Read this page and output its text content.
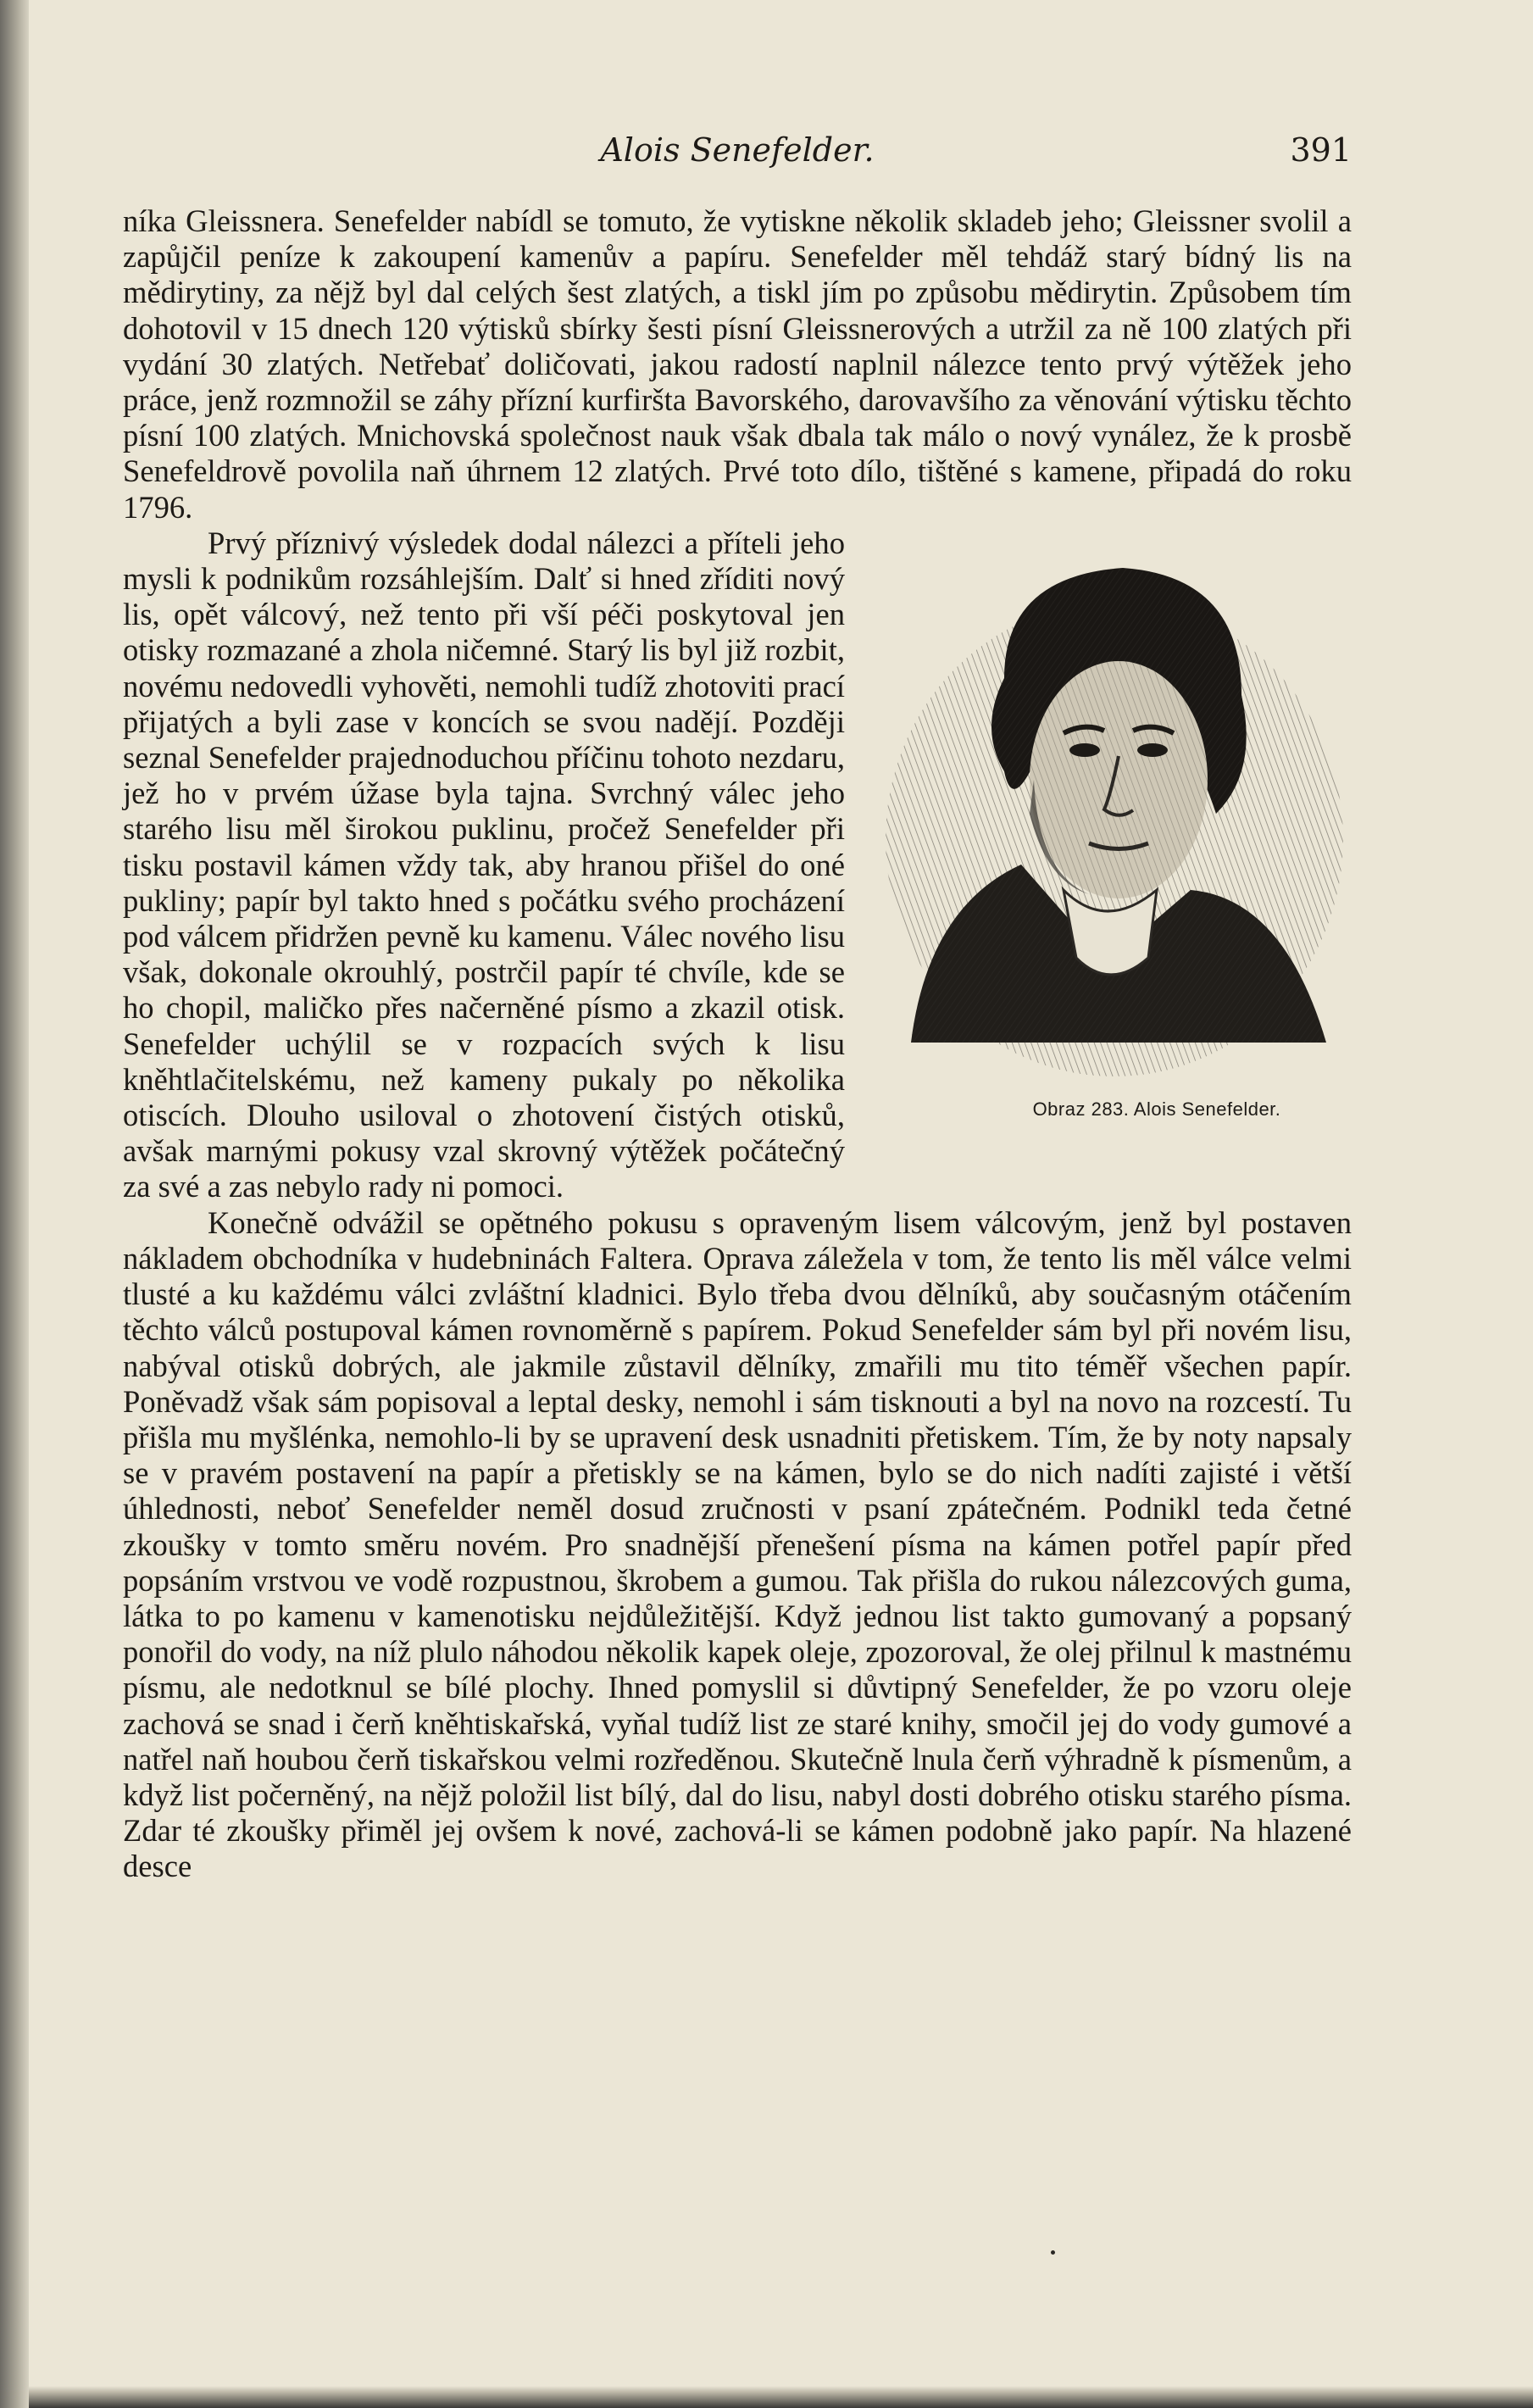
Alois Senefelder.	391

níka Gleissnera. Senefelder nabídl se tomuto, že vytiskne několik skladeb jeho; Gleissner svolil a zapůjčil peníze k zakoupení kamenův a papíru. Senefelder měl tehdáž starý bídný lis na mědirytiny, za nějž byl dal celých šest zlatých, a tiskl jím po způsobu mědirytin. Způsobem tím dohotovil v 15 dnech 120 výtisků sbírky šesti písní Gleissnerových a utržil za ně 100 zlatých při vydání 30 zlatých. Netřebať doličovati, jakou radostí naplnil nálezce tento prvý výtěžek jeho práce, jenž rozmnožil se záhy přízní kurfiršta Bavorského, darovavšího za věnování výtisku těchto písní 100 zlatých. Mnichovská společnost nauk však dbala tak málo o nový vynález, že k prosbě Senefeldrově povolila naň úhrnem 12 zlatých. Prvé toto dílo, tištěné s kamene, připadá do roku 1796.

Obraz 283. Alois Senefelder.
Prvý příznivý výsledek dodal nálezci a příteli jeho mysli k podnikům rozsáhlejším. Dalť si hned zříditi nový lis, opět válcový, než tento při vší péči poskytoval jen otisky rozmazané a zhola ničemné. Starý lis byl již rozbit, novému nedovedli vyhověti, nemohli tudíž zhotoviti prací přijatých a byli zase v koncích se svou nadějí. Později seznal Senefelder prajednoduchou příčinu tohoto nezdaru, jež ho v prvém úžase byla tajna. Svrchný válec jeho starého lisu měl širokou puklinu, pročež Senefelder při tisku postavil kámen vždy tak, aby hranou přišel do oné pukliny; papír byl takto hned s počátku svého procházení pod válcem přidržen pevně ku kamenu. Válec nového lisu však, dokonale okrouhlý, postrčil papír té chvíle, kde se ho chopil, maličko přes načerněné písmo a zkazil otisk. Senefelder uchýlil se v rozpacích svých k lisu kněhtlačitelskému, než kameny pukaly po několika otiscích. Dlouho usiloval o zhotovení čistých otisků, avšak marnými pokusy vzal skrovný výtěžek počátečný za své a zas nebylo rady ni pomoci.

Konečně odvážil se opětného pokusu s opraveným lisem válcovým, jenž byl postaven nákladem obchodníka v hudebninách Faltera. Oprava záležela v tom, že tento lis měl válce velmi tlusté a ku každému válci zvláštní kladnici. Bylo třeba dvou dělníků, aby současným otáčením těchto válců postupoval kámen rovnoměrně s papírem. Pokud Senefelder sám byl při novém lisu, nabýval otisků dobrých, ale jakmile zůstavil dělníky, zmařili mu tito téměř všechen papír. Poněvadž však sám popisoval a leptal desky, nemohl i sám tisknouti a byl na novo na rozcestí. Tu přišla mu myšlénka, nemohlo-li by se upravení desk usnadniti přetiskem. Tím, že by noty napsaly se v pravém postavení na papír a přetiskly se na kámen, bylo se do nich nadíti zajisté i větší úhlednosti, neboť Senefelder neměl dosud zručnosti v psaní zpátečném. Podnikl teda četné zkoušky v tomto směru novém. Pro snadnější přenešení písma na kámen potřel papír před popsáním vrstvou ve vodě rozpustnou, škrobem a gumou. Tak přišla do rukou nálezcových guma, látka to po kamenu v kamenotisku nejdůležitější. Když jednou list takto gumovaný a popsaný ponořil do vody, na níž plulo náhodou několik kapek oleje, zpozoroval, že olej přilnul k mastnému písmu, ale nedotknul se bílé plochy. Ihned pomyslil si důvtipný Senefelder, že po vzoru oleje zachová se snad i čerň kněhtiskařská, vyňal tudíž list ze staré knihy, smočil jej do vody gumové a natřel naň houbou čerň tiskařskou velmi rozředěnou. Skutečně lnula čerň výhradně k písmenům, a když list počerněný, na nějž položil list bílý, dal do lisu, nabyl dosti dobrého otisku starého písma. Zdar té zkoušky přiměl jej ovšem k nové, zachová-li se kámen podobně jako papír. Na hlazené desce
